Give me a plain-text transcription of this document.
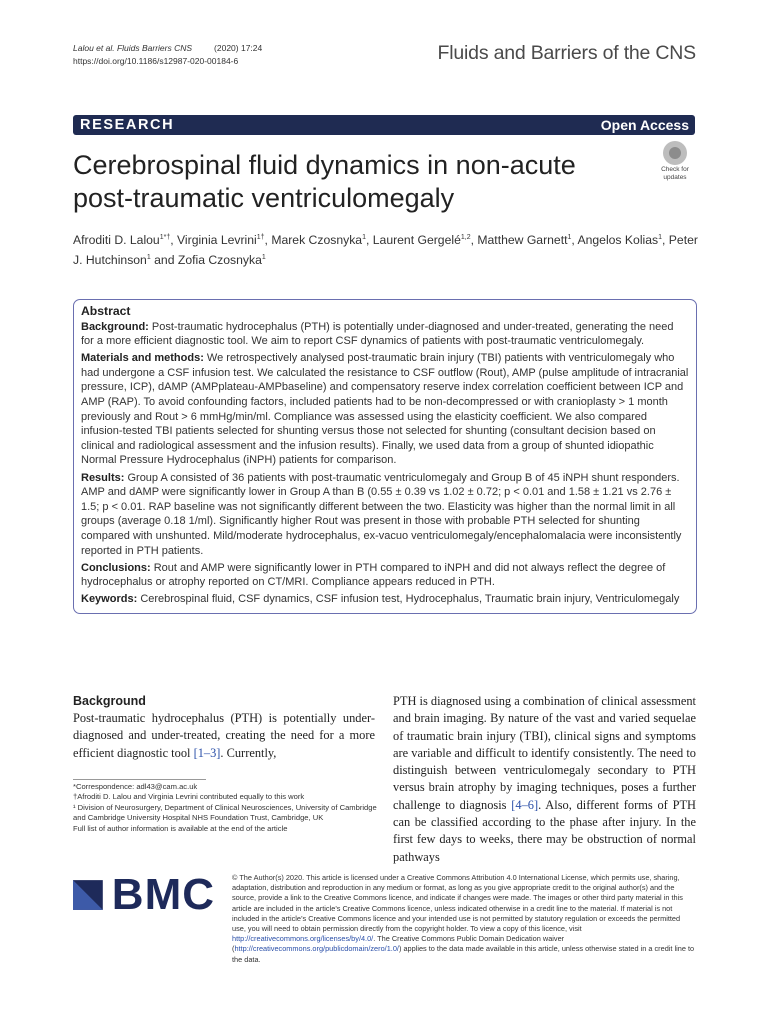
Lalou et al. Fluids Barriers CNS	(2020) 17:24
https://doi.org/10.1186/s12987-020-00184-6	Fluids and Barriers of the CNS
RESEARCH	Open Access
Cerebrospinal fluid dynamics in non-acute post-traumatic ventriculomegaly
Check for
updates
Afroditi D. Lalou$^{1*\dagger}$, Virginia Levrini$^{1\dagger}$, Marek Czosnyka$^1$, Laurent Gergelé$^{1,2}$, Matthew Garnett$^1$, Angelos Kolias$^1$, Peter J. Hutchinson$^1$ and Zofia Czosnyka$^1$
Abstract

Background: Post-traumatic hydrocephalus (PTH) is potentially under-diagnosed and under-treated, generating the need for a more efficient diagnostic tool. We aim to report CSF dynamics of patients with post-traumatic ventriculomegaly.

Materials and methods: We retrospectively analysed post-traumatic brain injury (TBI) patients with ventriculomegaly who had undergone a CSF infusion test. We calculated the resistance to CSF outflow (Rout), AMP (pulse amplitude of intracranial pressure, ICP), dAMP (AMPplateau-AMPbaseline) and compensatory reserve index correlation coefficient between ICP and AMP (RAP). To avoid confounding factors, included patients had to be non-decompressed or with cranioplasty > 1 month previously and Rout > 6 mmHg/min/ml. Compliance was assessed using the elasticity coefficient. We also compared infusion-tested TBI patients selected for shunting versus those not selected for shunting (consultant decision based on clinical and radiological assessment and the infusion results). Finally, we used data from a group of shunted idiopathic Normal Pressure Hydrocephalus (iNPH) patients for comparison.

Results: Group A consisted of 36 patients with post-traumatic ventriculomegaly and Group B of 45 iNPH shunt responders. AMP and dAMP were significantly lower in Group A than B (0.55 ± 0.39 vs 1.02 ± 0.72; p < 0.01 and 1.58 ± 1.21 vs 2.76 ± 1.5; p < 0.01. RAP baseline was not significantly different between the two. Elasticity was higher than the normal limit in all groups (average 0.18 1/ml). Significantly higher Rout was present in those with probable PTH selected for shunting compared with unshunted. Mild/moderate hydrocephalus, ex-vacuo ventriculomegaly/encephalomalacia were inconsistently reported in PTH patients.

Conclusions: Rout and AMP were significantly lower in PTH compared to iNPH and did not always reflect the degree of hydrocephalus or atrophy reported on CT/MRI. Compliance appears reduced in PTH.

Keywords: Cerebrospinal fluid, CSF dynamics, CSF infusion test, Hydrocephalus, Traumatic brain injury, Ventriculomegaly

Background
Post-traumatic hydrocephalus (PTH) is potentially under-diagnosed and under-treated, creating the need for a more efficient diagnostic tool [1–3]. Currently,
PTH is diagnosed using a combination of clinical assessment and brain imaging. By nature of the vast and varied sequelae of traumatic brain injury (TBI), clinical signs and symptoms are variable and difficult to identify consistently. The need to distinguish between ventriculomegaly secondary to PTH versus brain atrophy by imaging techniques, poses a further challenge to diagnosis [4–6]. Also, different forms of PTH can be classified according to the phase after injury. In the first few days to weeks, there may be obstruction of normal pathways
*Correspondence: adl43@cam.ac.uk
†Afroditi D. Lalou and Virginia Levrini contributed equally to this work
¹ Division of Neurosurgery, Department of Clinical Neurosciences, University of Cambridge and Cambridge University Hospital NHS Foundation Trust, Cambridge, UK
Full list of author information is available at the end of the article
BMC © The Author(s) 2020. This article is licensed under a Creative Commons Attribution 4.0 International License, which permits use, sharing, adaptation, distribution and reproduction in any medium or format, as long as you give appropriate credit to the original author(s) and the source, provide a link to the Creative Commons licence, and indicate if changes were made. The images or other third party material in this article are included in the article’s Creative Commons licence, unless indicated otherwise in a credit line to the material. If material is not included in the article’s Creative Commons licence and your intended use is not permitted by statutory regulation or exceeds the permitted use, you will need to obtain permission directly from the copyright holder. To view a copy of this licence, visit http://creativecommons.org/licenses/by/4.0/. The Creative Commons Public Domain Dedication waiver (http://creativecommons.org/publicdomain/zero/1.0/) applies to the data made available in this article, unless otherwise stated in a credit line to the data.
